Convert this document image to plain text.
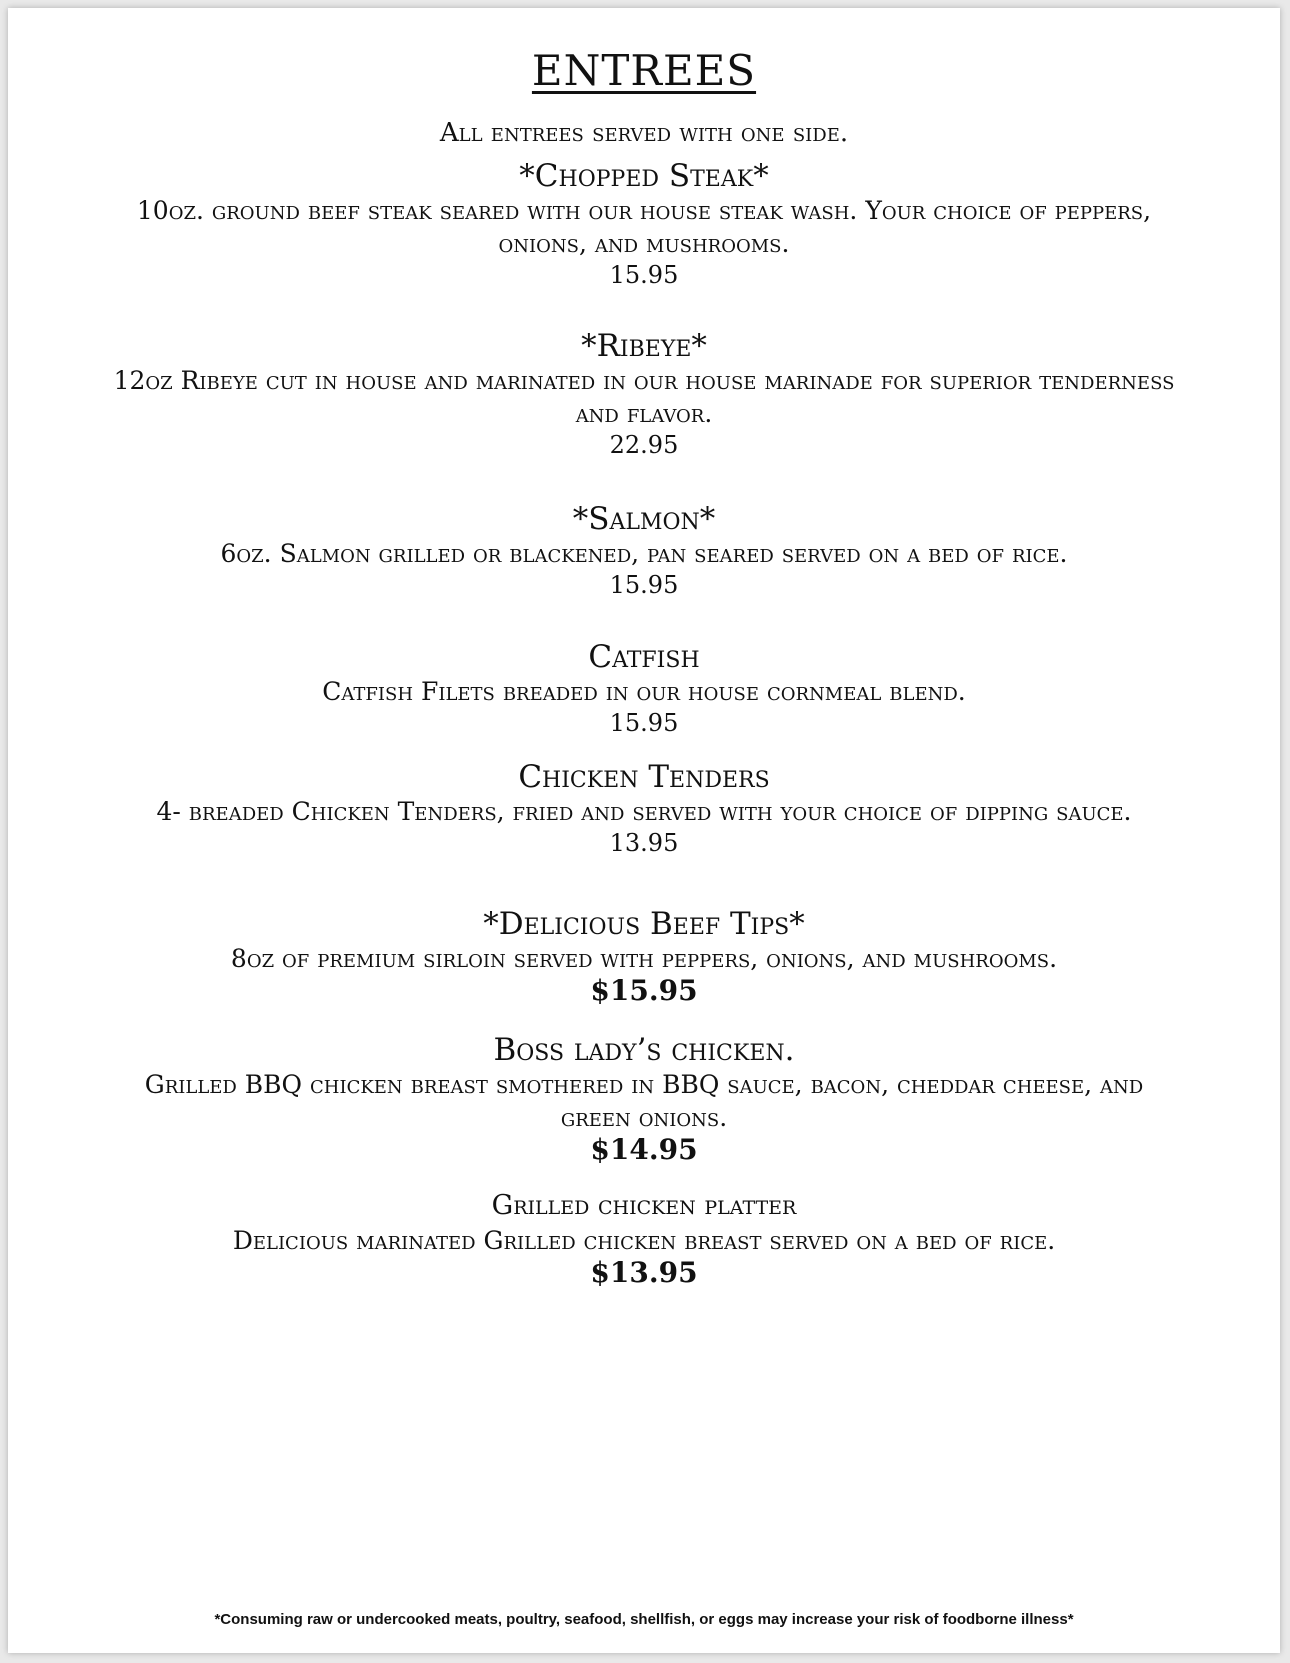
ENTREES
All entrees served with one side.
*Chopped Steak*
10oz. ground beef steak seared with our house steak wash. Your choice of peppers, onions, and mushrooms.
15.95
*Ribeye*
12oz Ribeye cut in house and marinated in our house marinade for superior tenderness and flavor.
22.95
*Salmon*
6oz. Salmon grilled or blackened, pan seared served on a bed of rice.
15.95
Catfish
Catfish Filets breaded in our house cornmeal blend.
15.95
Chicken Tenders
4- breaded Chicken Tenders, fried and served with your choice of dipping sauce.
13.95
*Delicious Beef Tips*
8oz of premium sirloin served with peppers, onions, and mushrooms.
$15.95
Boss lady’s chicken.
Grilled BBQ chicken breast smothered in BBQ sauce, bacon, cheddar cheese, and green onions.
$14.95
Grilled chicken platter
Delicious marinated Grilled chicken breast served on a bed of rice.
$13.95
*Consuming raw or undercooked meats, poultry, seafood, shellfish, or eggs may increase your risk of foodborne illness*
